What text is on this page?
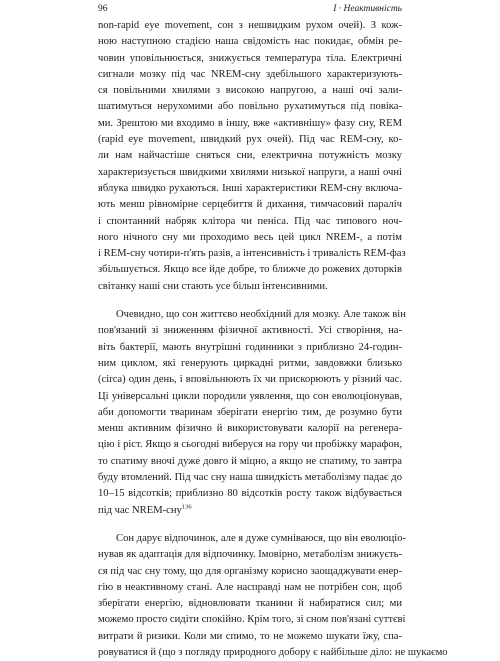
96	I · Неактивність
non-rapid eye movement, сон з нешвидким рухом очей). З кож-
ною наступною стадією наша свідомість нас покидає, обмін ре-
човин уповільнюється, знижується температура тіла. Електричні
сигнали мозку під час NREM-сну здебільшого характеризують-
ся повільними хвилями з високою напругою, а наші очі зали-
шатимуться нерухомими або повільно рухатимуться під повіка-
ми. Зрештою ми входимо в іншу, вже «активнішу» фазу сну, REM
(rapid eye movement, швидкий рух очей). Під час REM-сну, ко-
ли нам найчастіше сняться сни, електрична потужність мозку
характеризується швидкими хвилями низької напруги, а наші очні
яблука швидко рухаються. Інші характеристики REM-сну включа-
ють менш рівномірне серцебиття й дихання, тимчасовий параліч
і спонтанний набряк клітора чи пеніса. Під час типового ноч-
ного нічного сну ми проходимо весь цей цикл NREM-, а потім
і REM-сну чотири-п'ять разів, а інтенсивність і тривалість REM-фаз
збільшується. Якщо все йде добре, то ближче до рожевих доторків
світанку наші сни стають усе більш інтенсивними.
Очевидно, що сон життєво необхідний для мозку. Але також він
пов'язаний зі зниженням фізичної активності. Усі створіння, на-
віть бактерії, мають внутрішні годинники з приблизно 24-годин-
ним циклом, які генерують циркадні ритми, завдовжки близько
(circa) один день, і вповільнюють їх чи прискорюють у різний час.
Ці універсальні цикли породили уявлення, що сон еволюціонував,
аби допомогти тваринам зберігати енергію тим, де розумно бути
менш активним фізично й використовувати калорії на регенера-
цію і ріст. Якщо я сьогодні виберуся на гору чи пробіжку марафон,
то спатиму вночі дуже довго й міцно, а якщо не спатиму, то завтра
буду втомлений. Під час сну наша швидкість метаболізму падає до
10–15 відсотків; приблизно 80 відсотків росту також відбувається
під час NREM-сну$^{136}$
Сон дарує відпочинок, але я дуже сумніваюся, що він еволюціо-
нував як адаптація для відпочинку. Імовірно, метаболізм знижуєть-
ся під час сну тому, що для організму корисно заощаджувати енер-
гію в неактивному стані. Але насправді нам не потрібен сон, щоб
зберігати енергію, відновлювати тканини й набиратися сил; ми
можемо просто сидіти спокійно. Крім того, зі сном пов'язані суттєві
витрати й ризики. Коли ми спимо, то не можемо шукати їжу, спа-
ровуватися й (що з погляду природного добору є найбільше діло: не шукаємо
